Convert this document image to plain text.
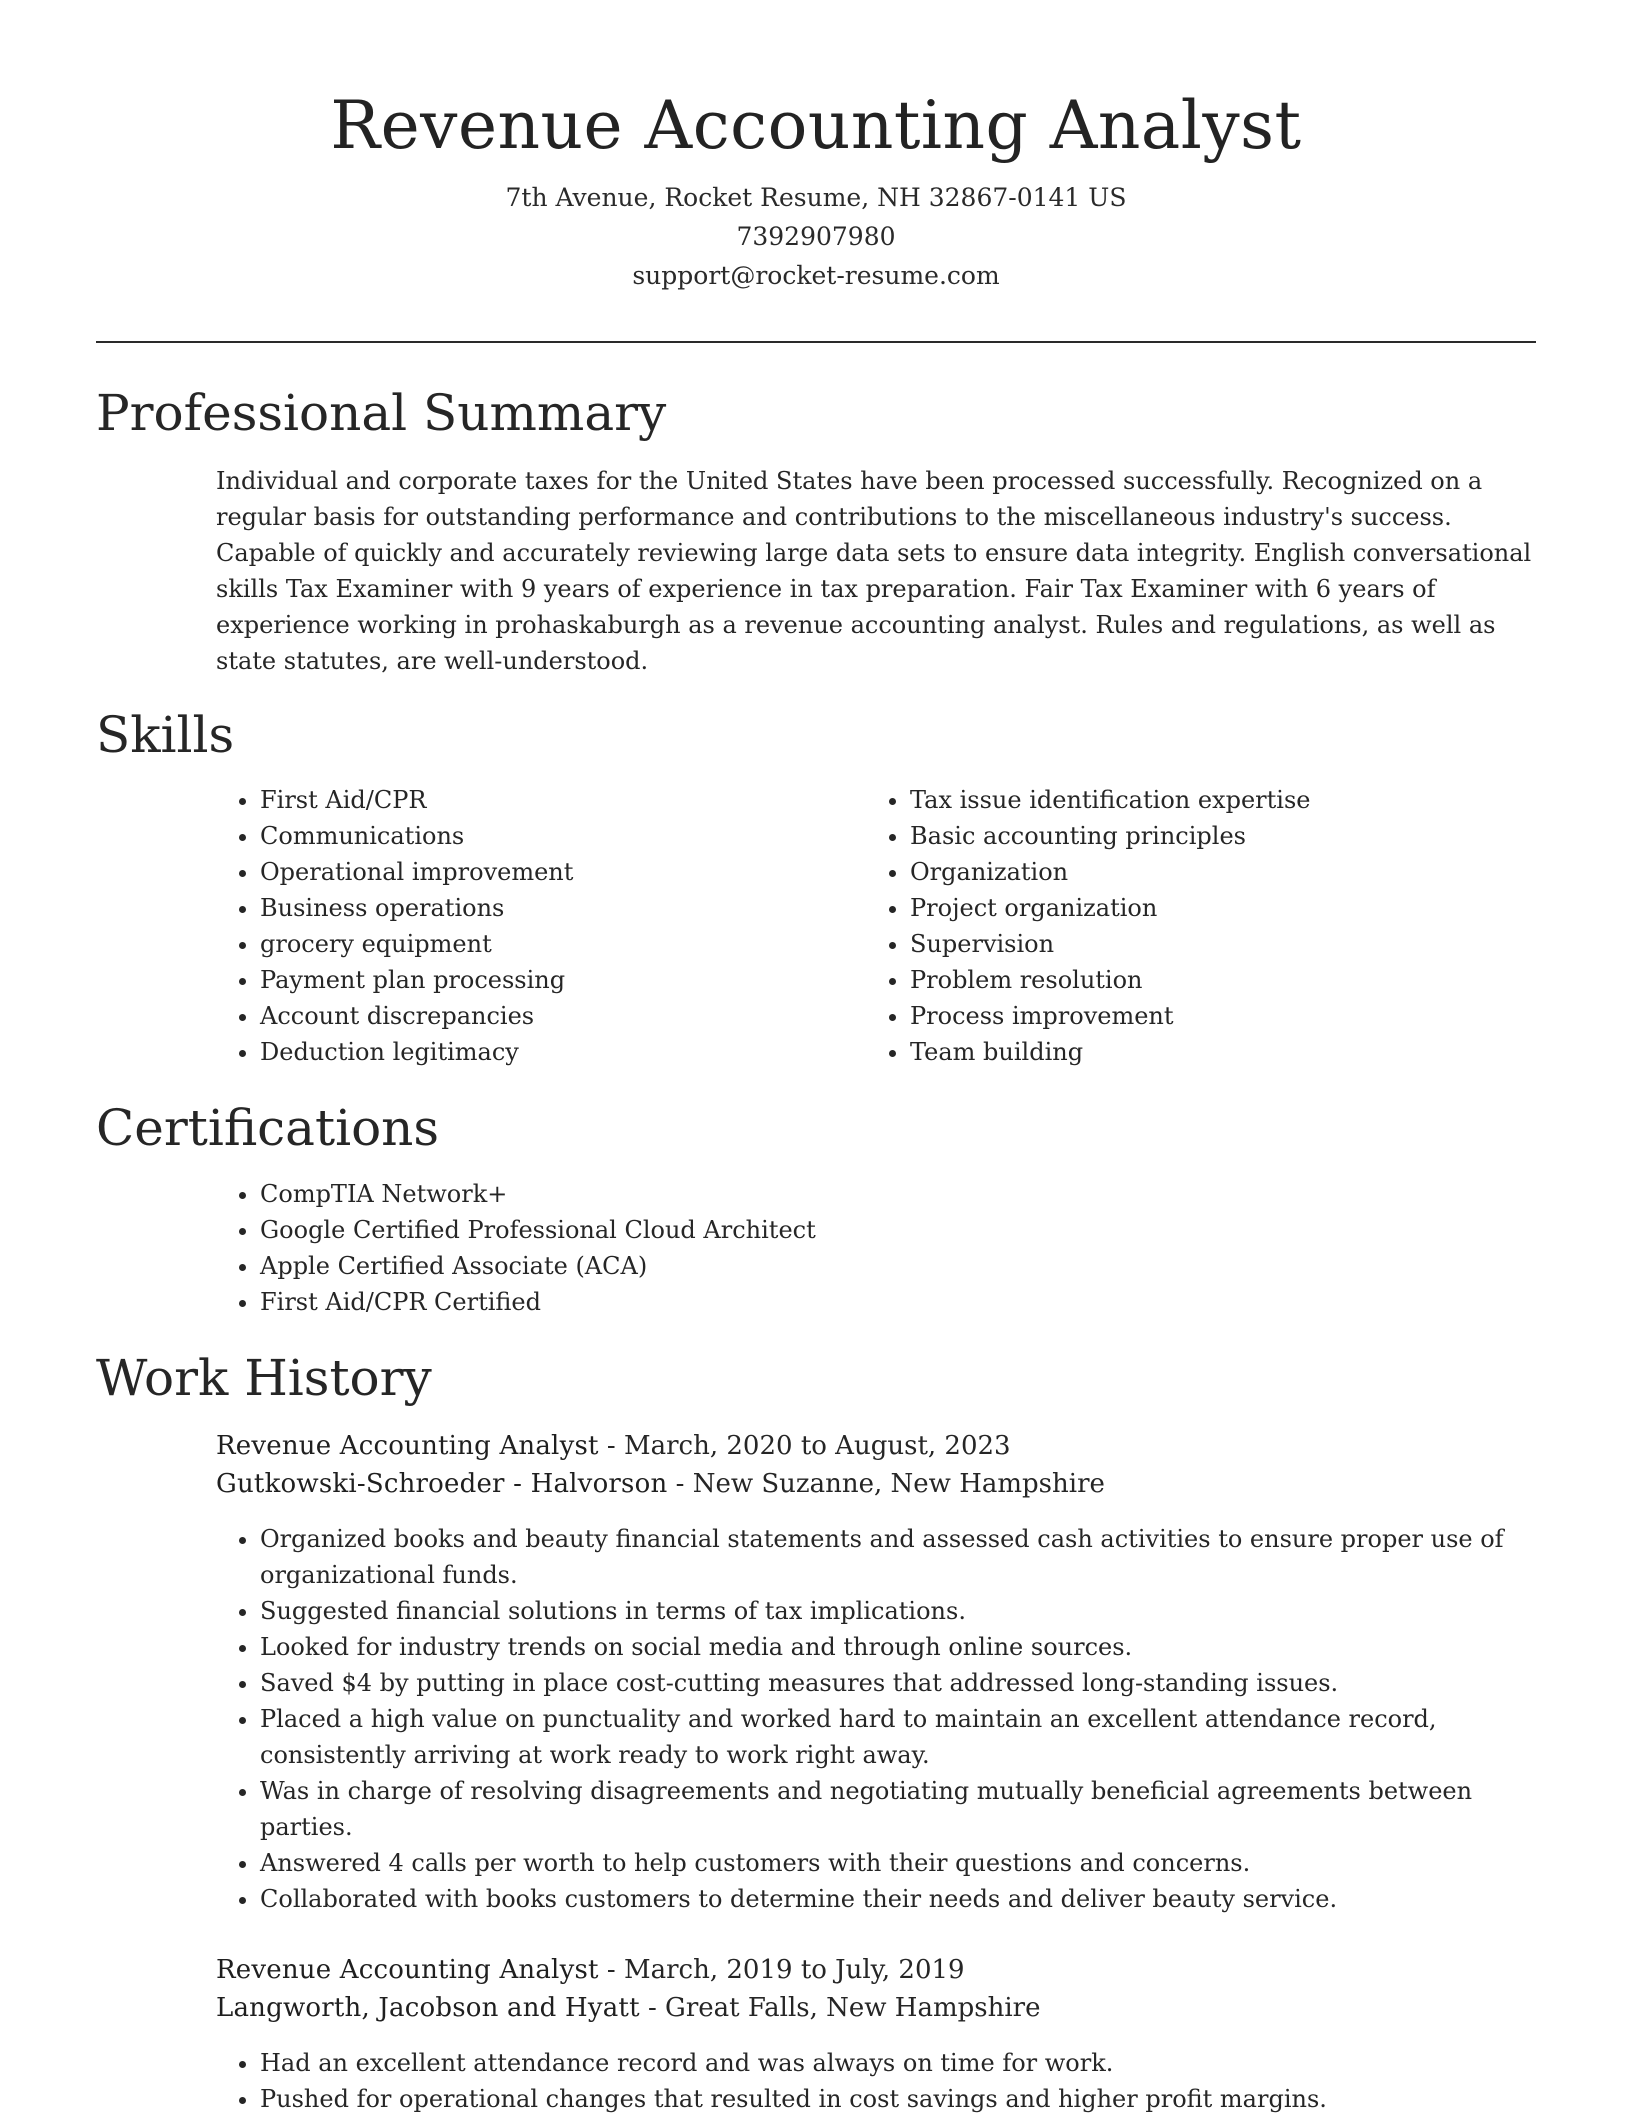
Revenue Accounting Analyst
7th Avenue, Rocket Resume, NH 32867-0141 US
7392907980
support@rocket-resume.com
Professional Summary

Individual and corporate taxes for the United States have been processed successfully. Recognized on a regular basis for outstanding performance and contributions to the miscellaneous industry's success. Capable of quickly and accurately reviewing large data sets to ensure data integrity. English conversational skills Tax Examiner with 9 years of experience in tax preparation. Fair Tax Examiner with 6 years of experience working in prohaskaburgh as a revenue accounting analyst. Rules and regulations, as well as state statutes, are well-understood.

Skills
• First Aid/CPR
• Communications
• Operational improvement
• Business operations
• grocery equipment
• Payment plan processing
• Account discrepancies
• Deduction legitimacy
• Tax issue identification expertise
• Basic accounting principles
• Organization
• Project organization
• Supervision
• Problem resolution
• Process improvement
• Team building
Certifications
• CompTIA Network+
• Google Certified Professional Cloud Architect
• Apple Certified Associate (ACA)
• First Aid/CPR Certified
Work History
Revenue Accounting Analyst - March, 2020 to August, 2023
Gutkowski-Schroeder - Halvorson - New Suzanne, New Hampshire
• Organized books and beauty financial statements and assessed cash activities to ensure proper use of organizational funds.
• Suggested financial solutions in terms of tax implications.
• Looked for industry trends on social media and through online sources.
• Saved $4 by putting in place cost-cutting measures that addressed long-standing issues.
• Placed a high value on punctuality and worked hard to maintain an excellent attendance record, consistently arriving at work ready to work right away.
• Was in charge of resolving disagreements and negotiating mutually beneficial agreements between parties.
• Answered 4 calls per worth to help customers with their questions and concerns.
• Collaborated with books customers to determine their needs and deliver beauty service.
Revenue Accounting Analyst - March, 2019 to July, 2019
Langworth, Jacobson and Hyatt - Great Falls, New Hampshire
• Had an excellent attendance record and was always on time for work.
• Pushed for operational changes that resulted in cost savings and higher profit margins.
